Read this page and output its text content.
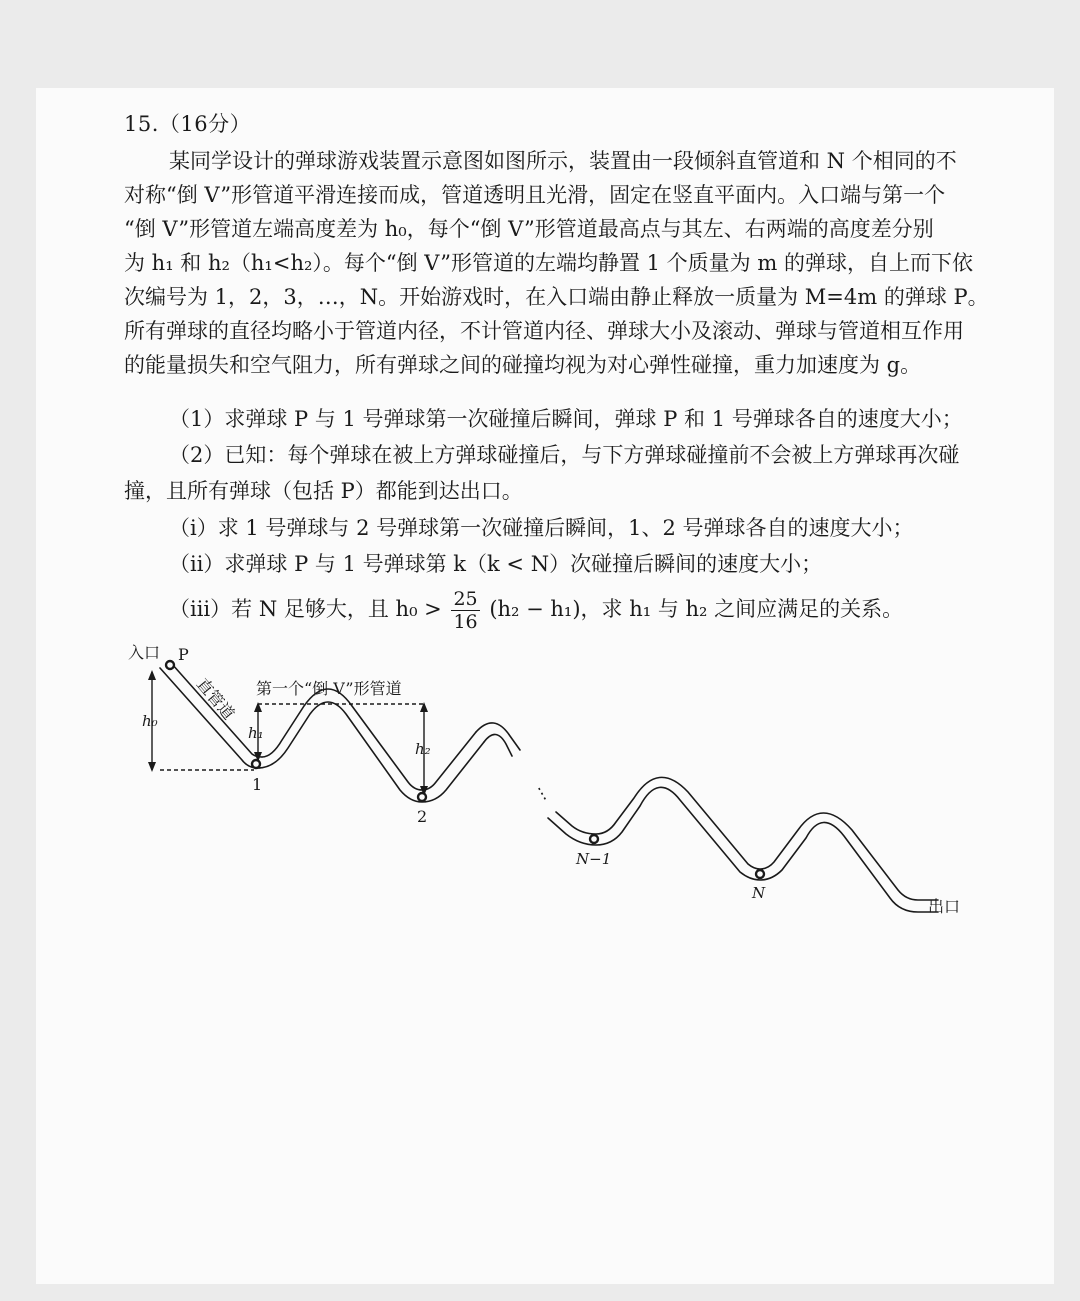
15.（16分）
某同学设计的弹球游戏装置示意图如图所示，装置由一段倾斜直管道和 N 个相同的不
对称“倒 V”形管道平滑连接而成，管道透明且光滑，固定在竖直平面内。入口端与第一个
“倒 V”形管道左端高度差为 h₀，每个“倒 V”形管道最高点与其左、右两端的高度差分别
为 h₁ 和 h₂（h₁<h₂）。每个“倒 V”形管道的左端均静置 1 个质量为 m 的弹球，自上而下依
次编号为 1，2，3，…，N。开始游戏时，在入口端由静止释放一质量为 M=4m 的弹球 P。
所有弹球的直径均略小于管道内径，不计管道内径、弹球大小及滚动、弹球与管道相互作用
的能量损失和空气阻力，所有弹球之间的碰撞均视为对心弹性碰撞，重力加速度为 g。
（1）求弹球 P 与 1 号弹球第一次碰撞后瞬间，弹球 P 和 1 号弹球各自的速度大小；
（2）已知：每个弹球在被上方弹球碰撞后，与下方弹球碰撞前不会被上方弹球再次碰
撞，且所有弹球（包括 P）都能到达出口。
（ⅰ）求 1 号弹球与 2 号弹球第一次碰撞后瞬间，1、2 号弹球各自的速度大小；
（ⅱ）求弹球 P 与 1 号弹球第 k（k < N）次碰撞后瞬间的速度大小；
（ⅲ）若 N 足够大，且 $h_0 > \frac{25}{16} (h_2 - h_1)$，求 h₁ 与 h₂ 之间应满足的关系。
入口 P
直管道 第一个“倒 V”形管道
h₀
h₁
h₂
1
2
⋮
N−1
N
出口
